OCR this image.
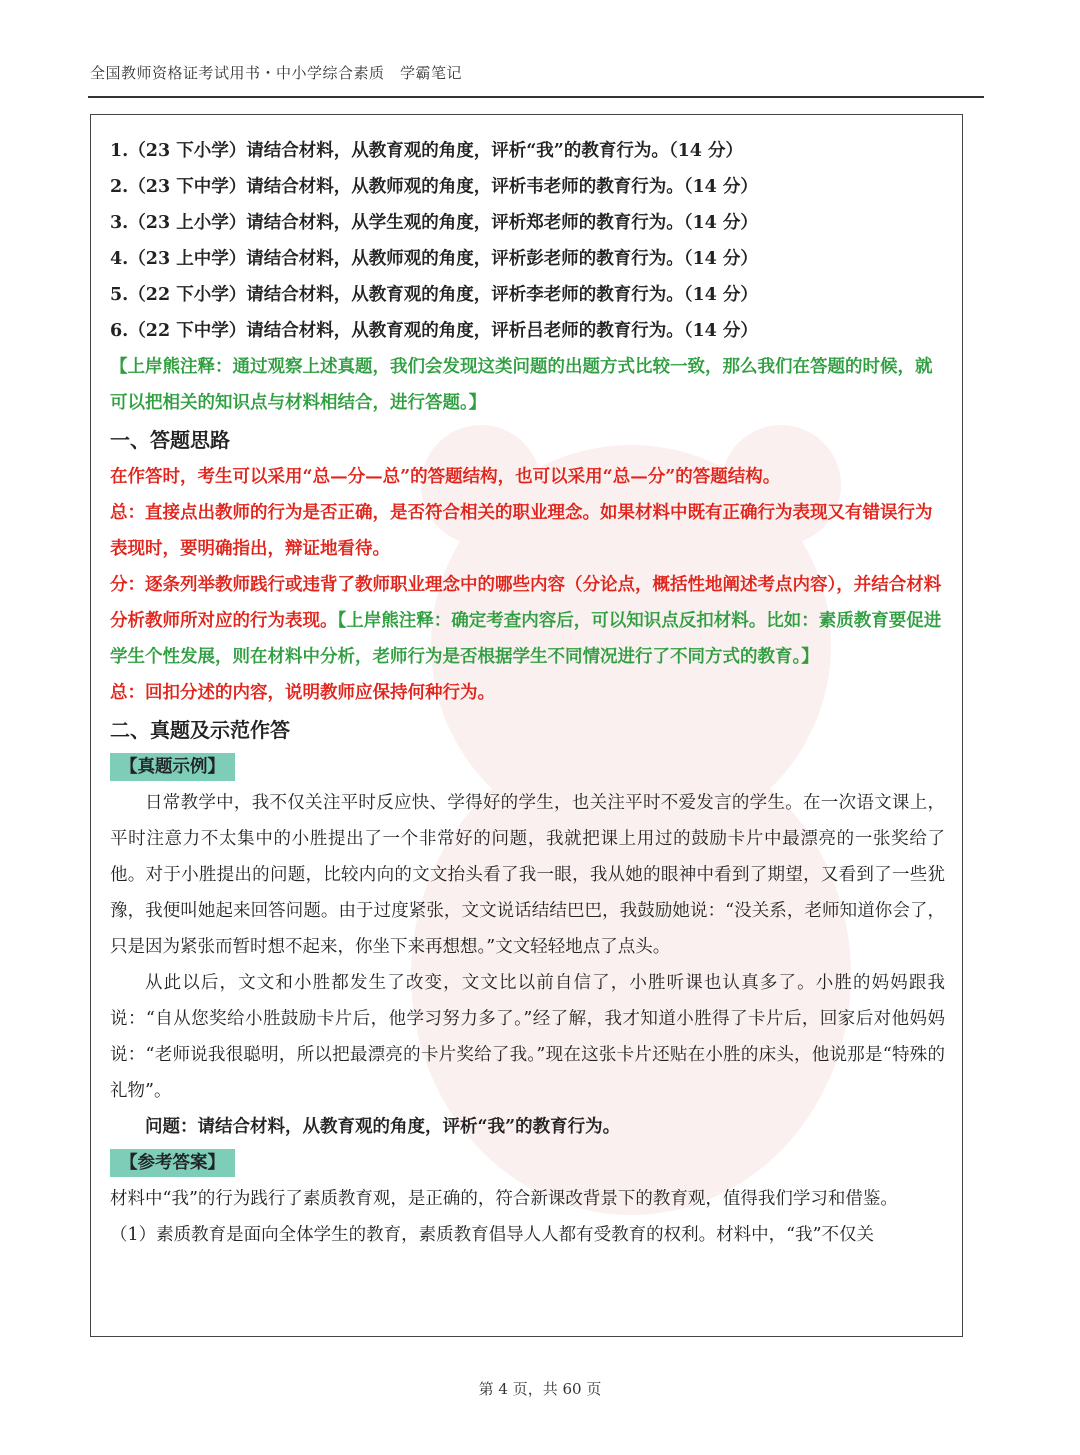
全国教师资格证考试用书・中小学综合素质　学霸笔记
1.（23 下小学）请结合材料，从教育观的角度，评析“我”的教育行为。（14 分）
2.（23 下中学）请结合材料，从教师观的角度，评析韦老师的教育行为。（14 分）
3.（23 上小学）请结合材料，从学生观的角度，评析郑老师的教育行为。（14 分）
4.（23 上中学）请结合材料，从教师观的角度，评析彭老师的教育行为。（14 分）
5.（22 下小学）请结合材料，从教育观的角度，评析李老师的教育行为。（14 分）
6.（22 下中学）请结合材料，从教育观的角度，评析吕老师的教育行为。（14 分）
【上岸熊注释：通过观察上述真题，我们会发现这类问题的出题方式比较一致，那么我们在答题的时候，就可以把相关的知识点与材料相结合，进行答题。】
一、答题思路
在作答时，考生可以采用“总—分—总”的答题结构，也可以采用“总—分”的答题结构。
总：直接点出教师的行为是否正确，是否符合相关的职业理念。如果材料中既有正确行为表现又有错误行为表现时，要明确指出，辩证地看待。
分：逐条列举教师践行或违背了教师职业理念中的哪些内容（分论点，概括性地阐述考点内容），并结合材料分析教师所对应的行为表现。【上岸熊注释：确定考查内容后，可以知识点反扣材料。比如：素质教育要促进学生个性发展，则在材料中分析，老师行为是否根据学生不同情况进行了不同方式的教育。】
总：回扣分述的内容，说明教师应保持何种行为。
二、真题及示范作答
【真题示例】
日常教学中，我不仅关注平时反应快、学得好的学生，也关注平时不爱发言的学生。在一次语文课上，平时注意力不太集中的小胜提出了一个非常好的问题，我就把课上用过的鼓励卡片中最漂亮的一张奖给了他。对于小胜提出的问题，比较内向的文文抬头看了我一眼，我从她的眼神中看到了期望，又看到了一些犹豫，我便叫她起来回答问题。由于过度紧张，文文说话结结巴巴，我鼓励她说：“没关系，老师知道你会了，只是因为紧张而暂时想不起来，你坐下来再想想。”文文轻轻地点了点头。
从此以后，文文和小胜都发生了改变，文文比以前自信了，小胜听课也认真多了。小胜的妈妈跟我说：“自从您奖给小胜鼓励卡片后，他学习努力多了。”经了解，我才知道小胜得了卡片后，回家后对他妈妈说：“老师说我很聪明，所以把最漂亮的卡片奖给了我。”现在这张卡片还贴在小胜的床头，他说那是“特殊的礼物”。
问题：请结合材料，从教育观的角度，评析“我”的教育行为。
【参考答案】
材料中“我”的行为践行了素质教育观，是正确的，符合新课改背景下的教育观，值得我们学习和借鉴。
（1）素质教育是面向全体学生的教育，素质教育倡导人人都有受教育的权利。材料中，“我”不仅关
第 4 页，共 60 页
